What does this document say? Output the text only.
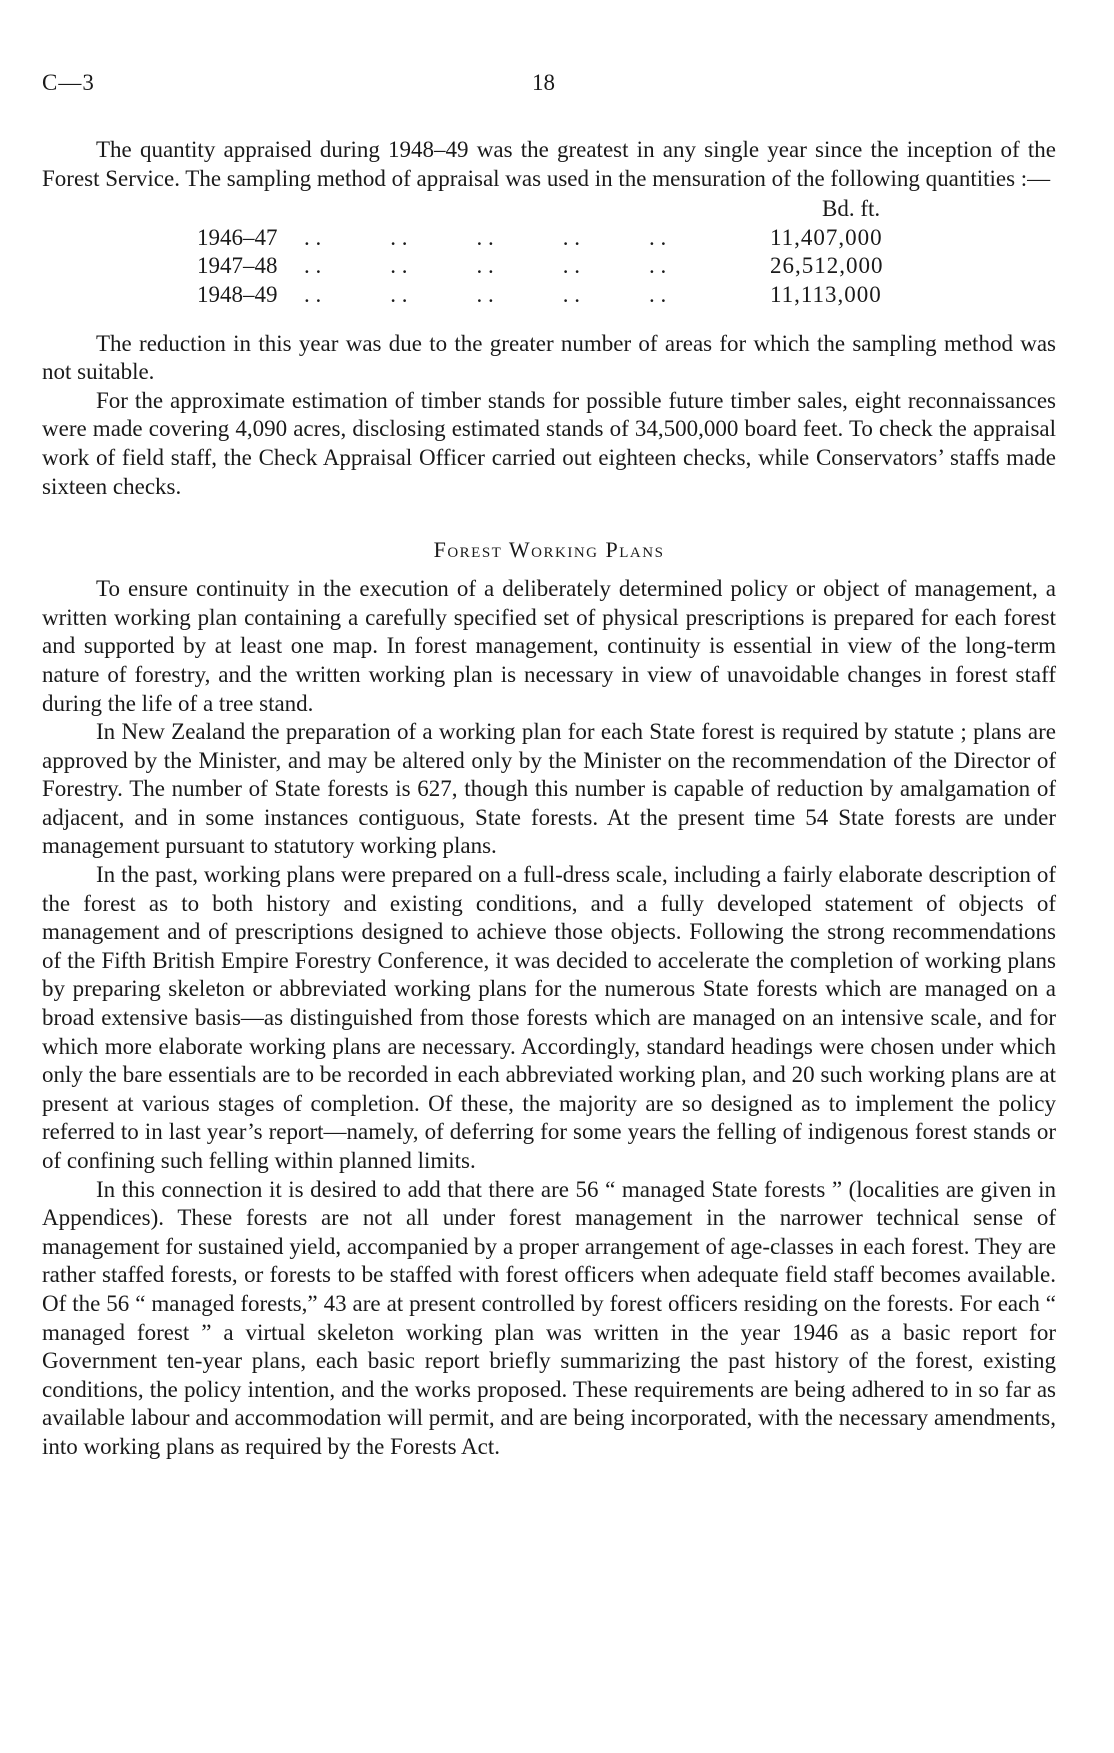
C—3	18

The quantity appraised during 1948–49 was the greatest in any single year since the inception of the Forest Service. The sampling method of appraisal was used in the mensuration of the following quantities :—

Bd. ft.
1946–47 . .            . .            . .            . .            . .	11,407,000
1947–48 . .            . .            . .            . .            . .	26,512,000
1948–49 . .            . .            . .            . .            . .	11,113,000

The reduction in this year was due to the greater number of areas for which the sampling method was not suitable.

For the approximate estimation of timber stands for possible future timber sales, eight reconnaissances were made covering 4,090 acres, disclosing estimated stands of 34,500,000 board feet. To check the appraisal work of field staff, the Check Appraisal Officer carried out eighteen checks, while Conservators’ staffs made sixteen checks.

Forest Working Plans

To ensure continuity in the execution of a deliberately determined policy or object of management, a written working plan containing a carefully specified set of physical prescriptions is prepared for each forest and supported by at least one map. In forest management, continuity is essential in view of the long-term nature of forestry, and the written working plan is necessary in view of unavoidable changes in forest staff during the life of a tree stand.

In New Zealand the preparation of a working plan for each State forest is required by statute ; plans are approved by the Minister, and may be altered only by the Minister on the recommendation of the Director of Forestry. The number of State forests is 627, though this number is capable of reduction by amalgamation of adjacent, and in some instances contiguous, State forests. At the present time 54 State forests are under management pursuant to statutory working plans.

In the past, working plans were prepared on a full-dress scale, including a fairly elaborate description of the forest as to both history and existing conditions, and a fully developed statement of objects of management and of prescriptions designed to achieve those objects. Following the strong recommendations of the Fifth British Empire Forestry Conference, it was decided to accelerate the completion of working plans by preparing skeleton or abbreviated working plans for the numerous State forests which are managed on a broad extensive basis—as distinguished from those forests which are managed on an intensive scale, and for which more elaborate working plans are necessary. Accordingly, standard headings were chosen under which only the bare essentials are to be recorded in each abbreviated working plan, and 20 such working plans are at present at various stages of completion. Of these, the majority are so designed as to implement the policy referred to in last year’s report—namely, of deferring for some years the felling of indigenous forest stands or of confining such felling within planned limits.

In this connection it is desired to add that there are 56 “ managed State forests ” (localities are given in Appendices). These forests are not all under forest management in the narrower technical sense of management for sustained yield, accompanied by a proper arrangement of age-classes in each forest. They are rather staffed forests, or forests to be staffed with forest officers when adequate field staff becomes available. Of the 56 “ managed forests,” 43 are at present controlled by forest officers residing on the forests. For each “ managed forest ” a virtual skeleton working plan was written in the year 1946 as a basic report for Government ten-year plans, each basic report briefly summarizing the past history of the forest, existing conditions, the policy intention, and the works proposed. These requirements are being adhered to in so far as available labour and accommodation will permit, and are being incorporated, with the necessary amendments, into working plans as required by the Forests Act.
